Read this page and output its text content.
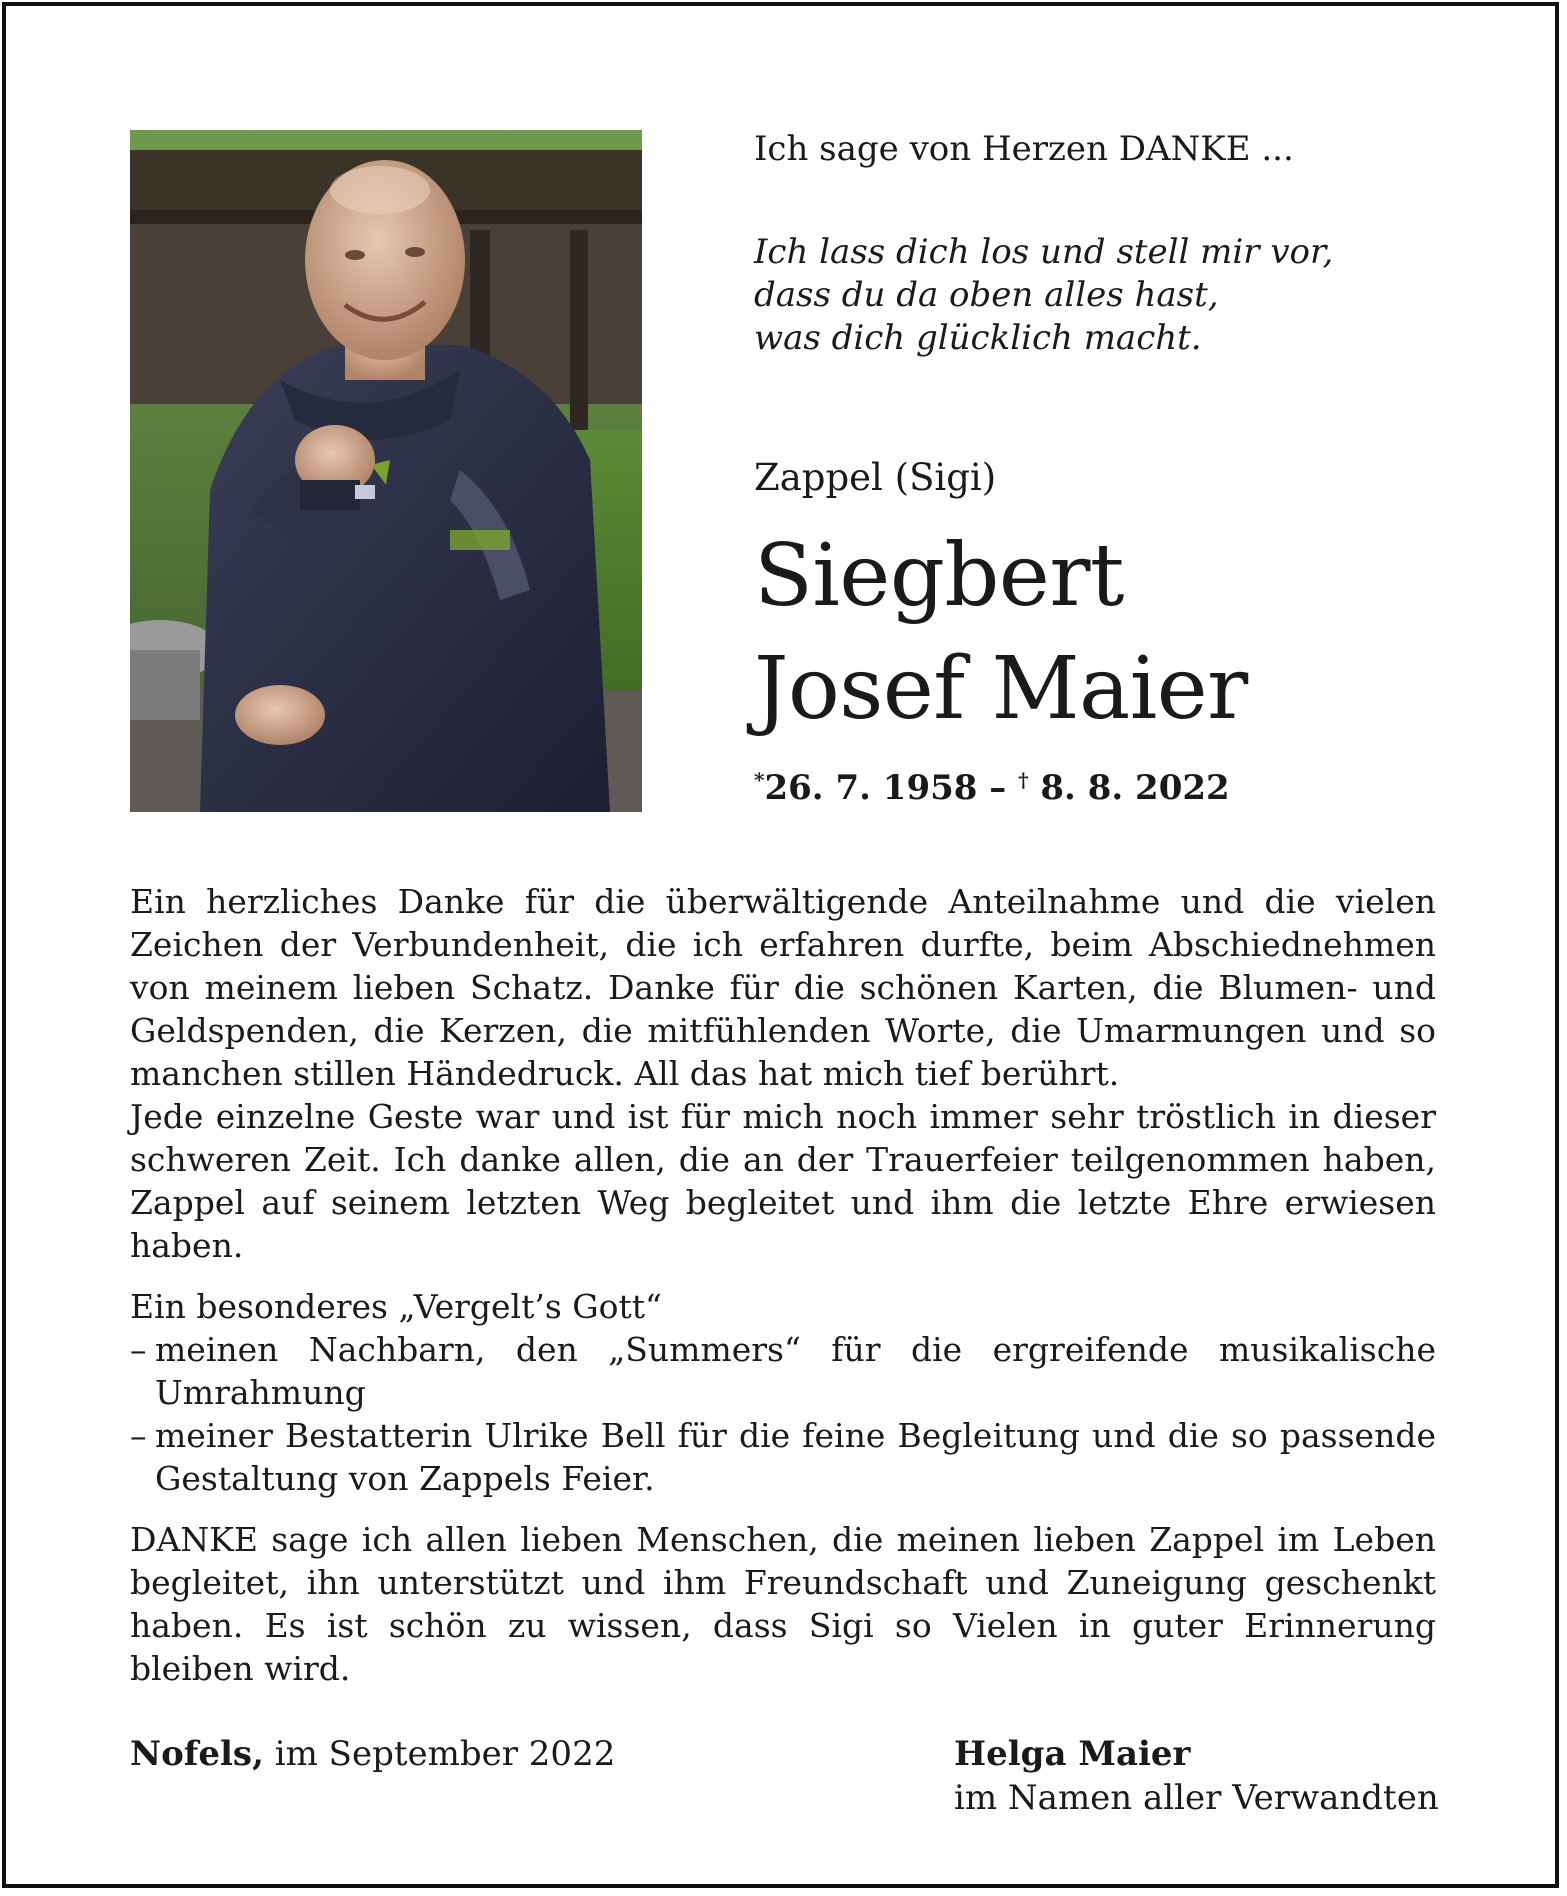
Ich sage von Herzen DANKE ...

Ich lass dich los und stell mir vor,
dass du da oben alles hast,
was dich glücklich macht.
Zappel (Sigi)
Siegbert
Josef Maier
*26. 7. 1958 – † 8. 8. 2022

Ein herzliches Danke für die überwältigende Anteilnahme und die vielen Zeichen der Verbundenheit, die ich erfahren durfte, beim Abschiednehmen von meinem lieben Schatz. Danke für die schönen Karten, die Blumen- und Geldspenden, die Kerzen, die mitfühlenden Worte, die Umarmungen und so manchen stillen Händedruck. All das hat mich tief berührt.

Jede einzelne Geste war und ist für mich noch immer sehr tröstlich in dieser schweren Zeit. Ich danke allen, die an der Trauerfeier teilgenommen haben, Zappel auf seinem letzten Weg begleitet und ihm die letzte Ehre erwiesen haben.

Ein besonderes „Vergelt’s Gott“

– meinen Nachbarn, den „Summers“ für die ergreifende musikalische Umrahmung
– meiner Bestatterin Ulrike Bell für die feine Begleitung und die so passende Gestaltung von Zappels Feier.

DANKE sage ich allen lieben Menschen, die meinen lieben Zappel im Leben begleitet, ihn unterstützt und ihm Freundschaft und Zuneigung geschenkt haben. Es ist schön zu wissen, dass Sigi so Vielen in guter Erinnerung bleiben wird.

Nofels, im September 2022	Helga Maier
im Namen aller Verwandten
